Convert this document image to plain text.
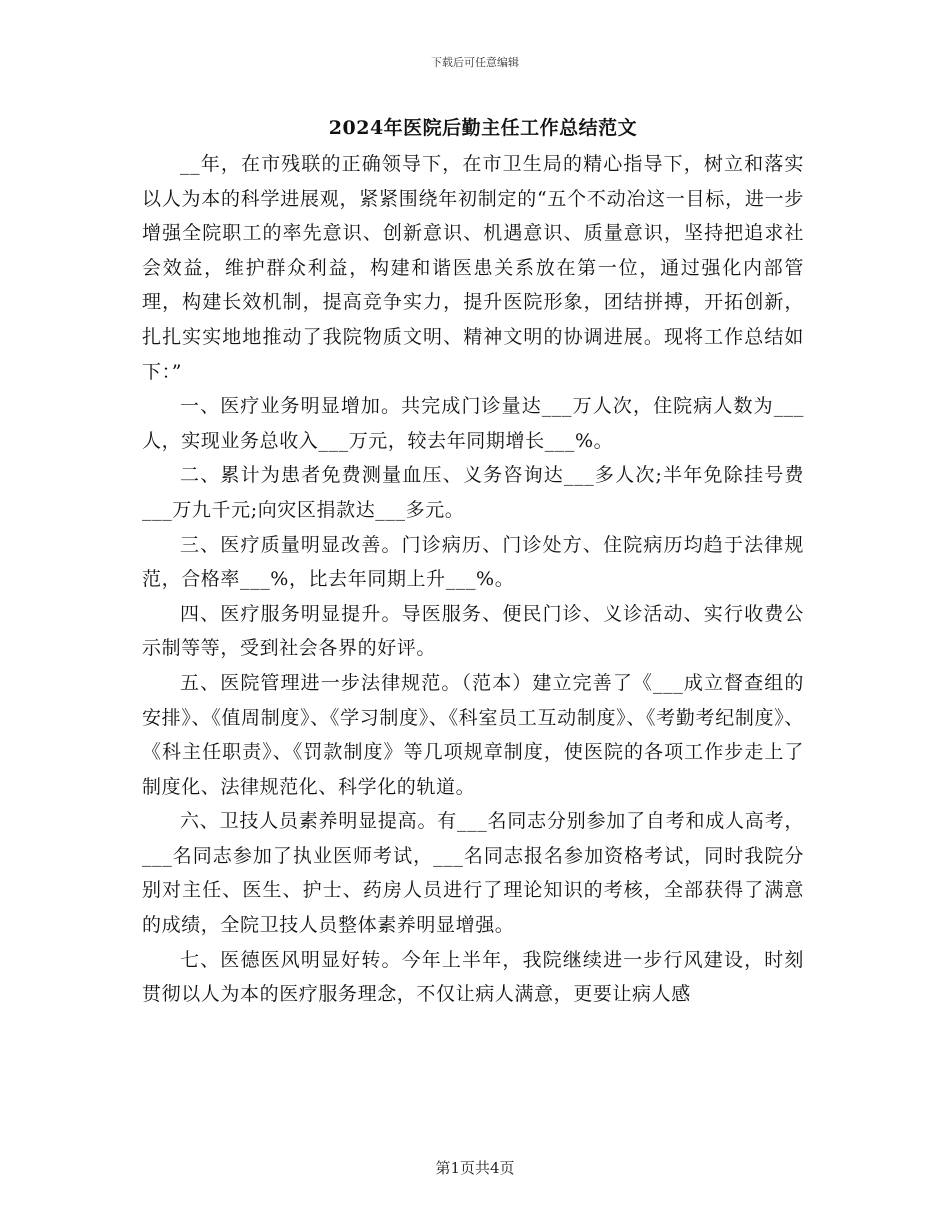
下载后可任意编辑
2024年医院后勤主任工作总结范文

__年，在市残联的正确领导下，在市卫生局的精心指导下，树立和落实以人为本的科学进展观，紧紧围绕年初制定的“五个不动冶这一目标，进一步增强全院职工的率先意识、创新意识、机遇意识、质量意识，坚持把追求社会效益，维护群众利益，构建和谐医患关系放在第一位，通过强化内部管理，构建长效机制，提高竞争实力，提升医院形象，团结拼搏，开拓创新，扎扎实实地地推动了我院物质文明、精神文明的协调进展。现将工作总结如下：”

一、医疗业务明显增加。共完成门诊量达___万人次，住院病人数为___人，实现业务总收入___万元，较去年同期增长___%。

二、累计为患者免费测量血压、义务咨询达___多人次;半年免除挂号费___万九千元;向灾区捐款达___多元。

三、医疗质量明显改善。门诊病历、门诊处方、住院病历均趋于法律规范，合格率___%，比去年同期上升___%。

四、医疗服务明显提升。导医服务、便民门诊、义诊活动、实行收费公示制等等，受到社会各界的好评。

五、医院管理进一步法律规范。（范本）建立完善了《___成立督查组的安排》、《值周制度》、《学习制度》、《科室员工互动制度》、《考勤考纪制度》、《科主任职责》、《罚款制度》等几项规章制度，使医院的各项工作步走上了制度化、法律规范化、科学化的轨道。

六、卫技人员素养明显提高。有___名同志分别参加了自考和成人高考，___名同志参加了执业医师考试，___名同志报名参加资格考试，同时我院分别对主任、医生、护士、药房人员进行了理论知识的考核，全部获得了满意的成绩，全院卫技人员整体素养明显增强。

七、医德医风明显好转。今年上半年，我院继续进一步行风建设，时刻贯彻以人为本的医疗服务理念，不仅让病人满意，更要让病人感

第1页共4页
